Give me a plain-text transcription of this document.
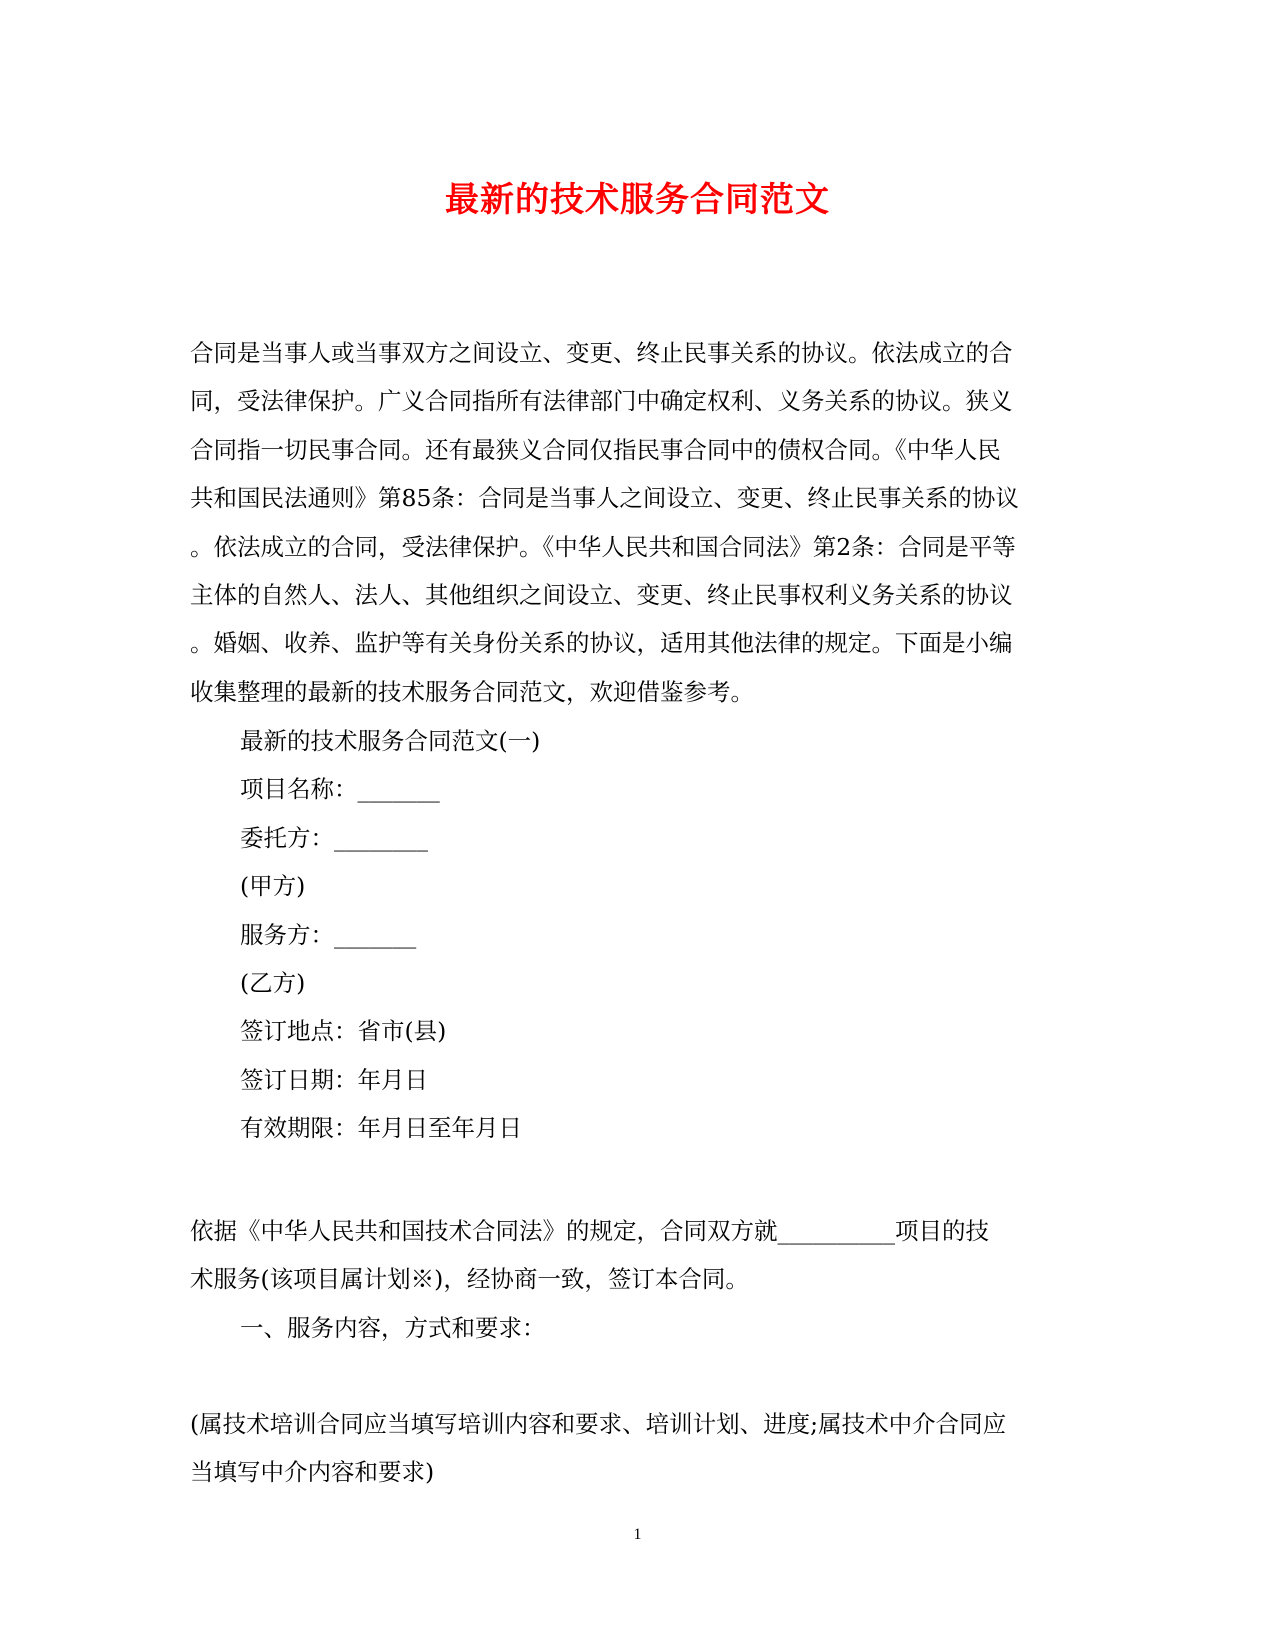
最新的技术服务合同范文
合同是当事人或当事双方之间设立、变更、终止民事关系的协议。依法成立的合
同，受法律保护。广义合同指所有法律部门中确定权利、义务关系的协议。狭义
合同指一切民事合同。还有最狭义合同仅指民事合同中的债权合同。《中华人民
共和国民法通则》第85条：合同是当事人之间设立、变更、终止民事关系的协议
。依法成立的合同，受法律保护。《中华人民共和国合同法》第2条：合同是平等
主体的自然人、法人、其他组织之间设立、变更、终止民事权利义务关系的协议
。婚姻、收养、监护等有关身份关系的协议，适用其他法律的规定。下面是小编
收集整理的最新的技术服务合同范文，欢迎借鉴参考。
最新的技术服务合同范文(一)
项目名称：_______
委托方：________
(甲方)
服务方：_______
(乙方)
签订地点：省市(县)
签订日期：年月日
有效期限：年月日至年月日
依据《中华人民共和国技术合同法》的规定，合同双方就__________项目的技
术服务(该项目属计划※)，经协商一致，签订本合同。
一、服务内容，方式和要求：
(属技术培训合同应当填写培训内容和要求、培训计划、进度;属技术中介合同应
当填写中介内容和要求)
1
